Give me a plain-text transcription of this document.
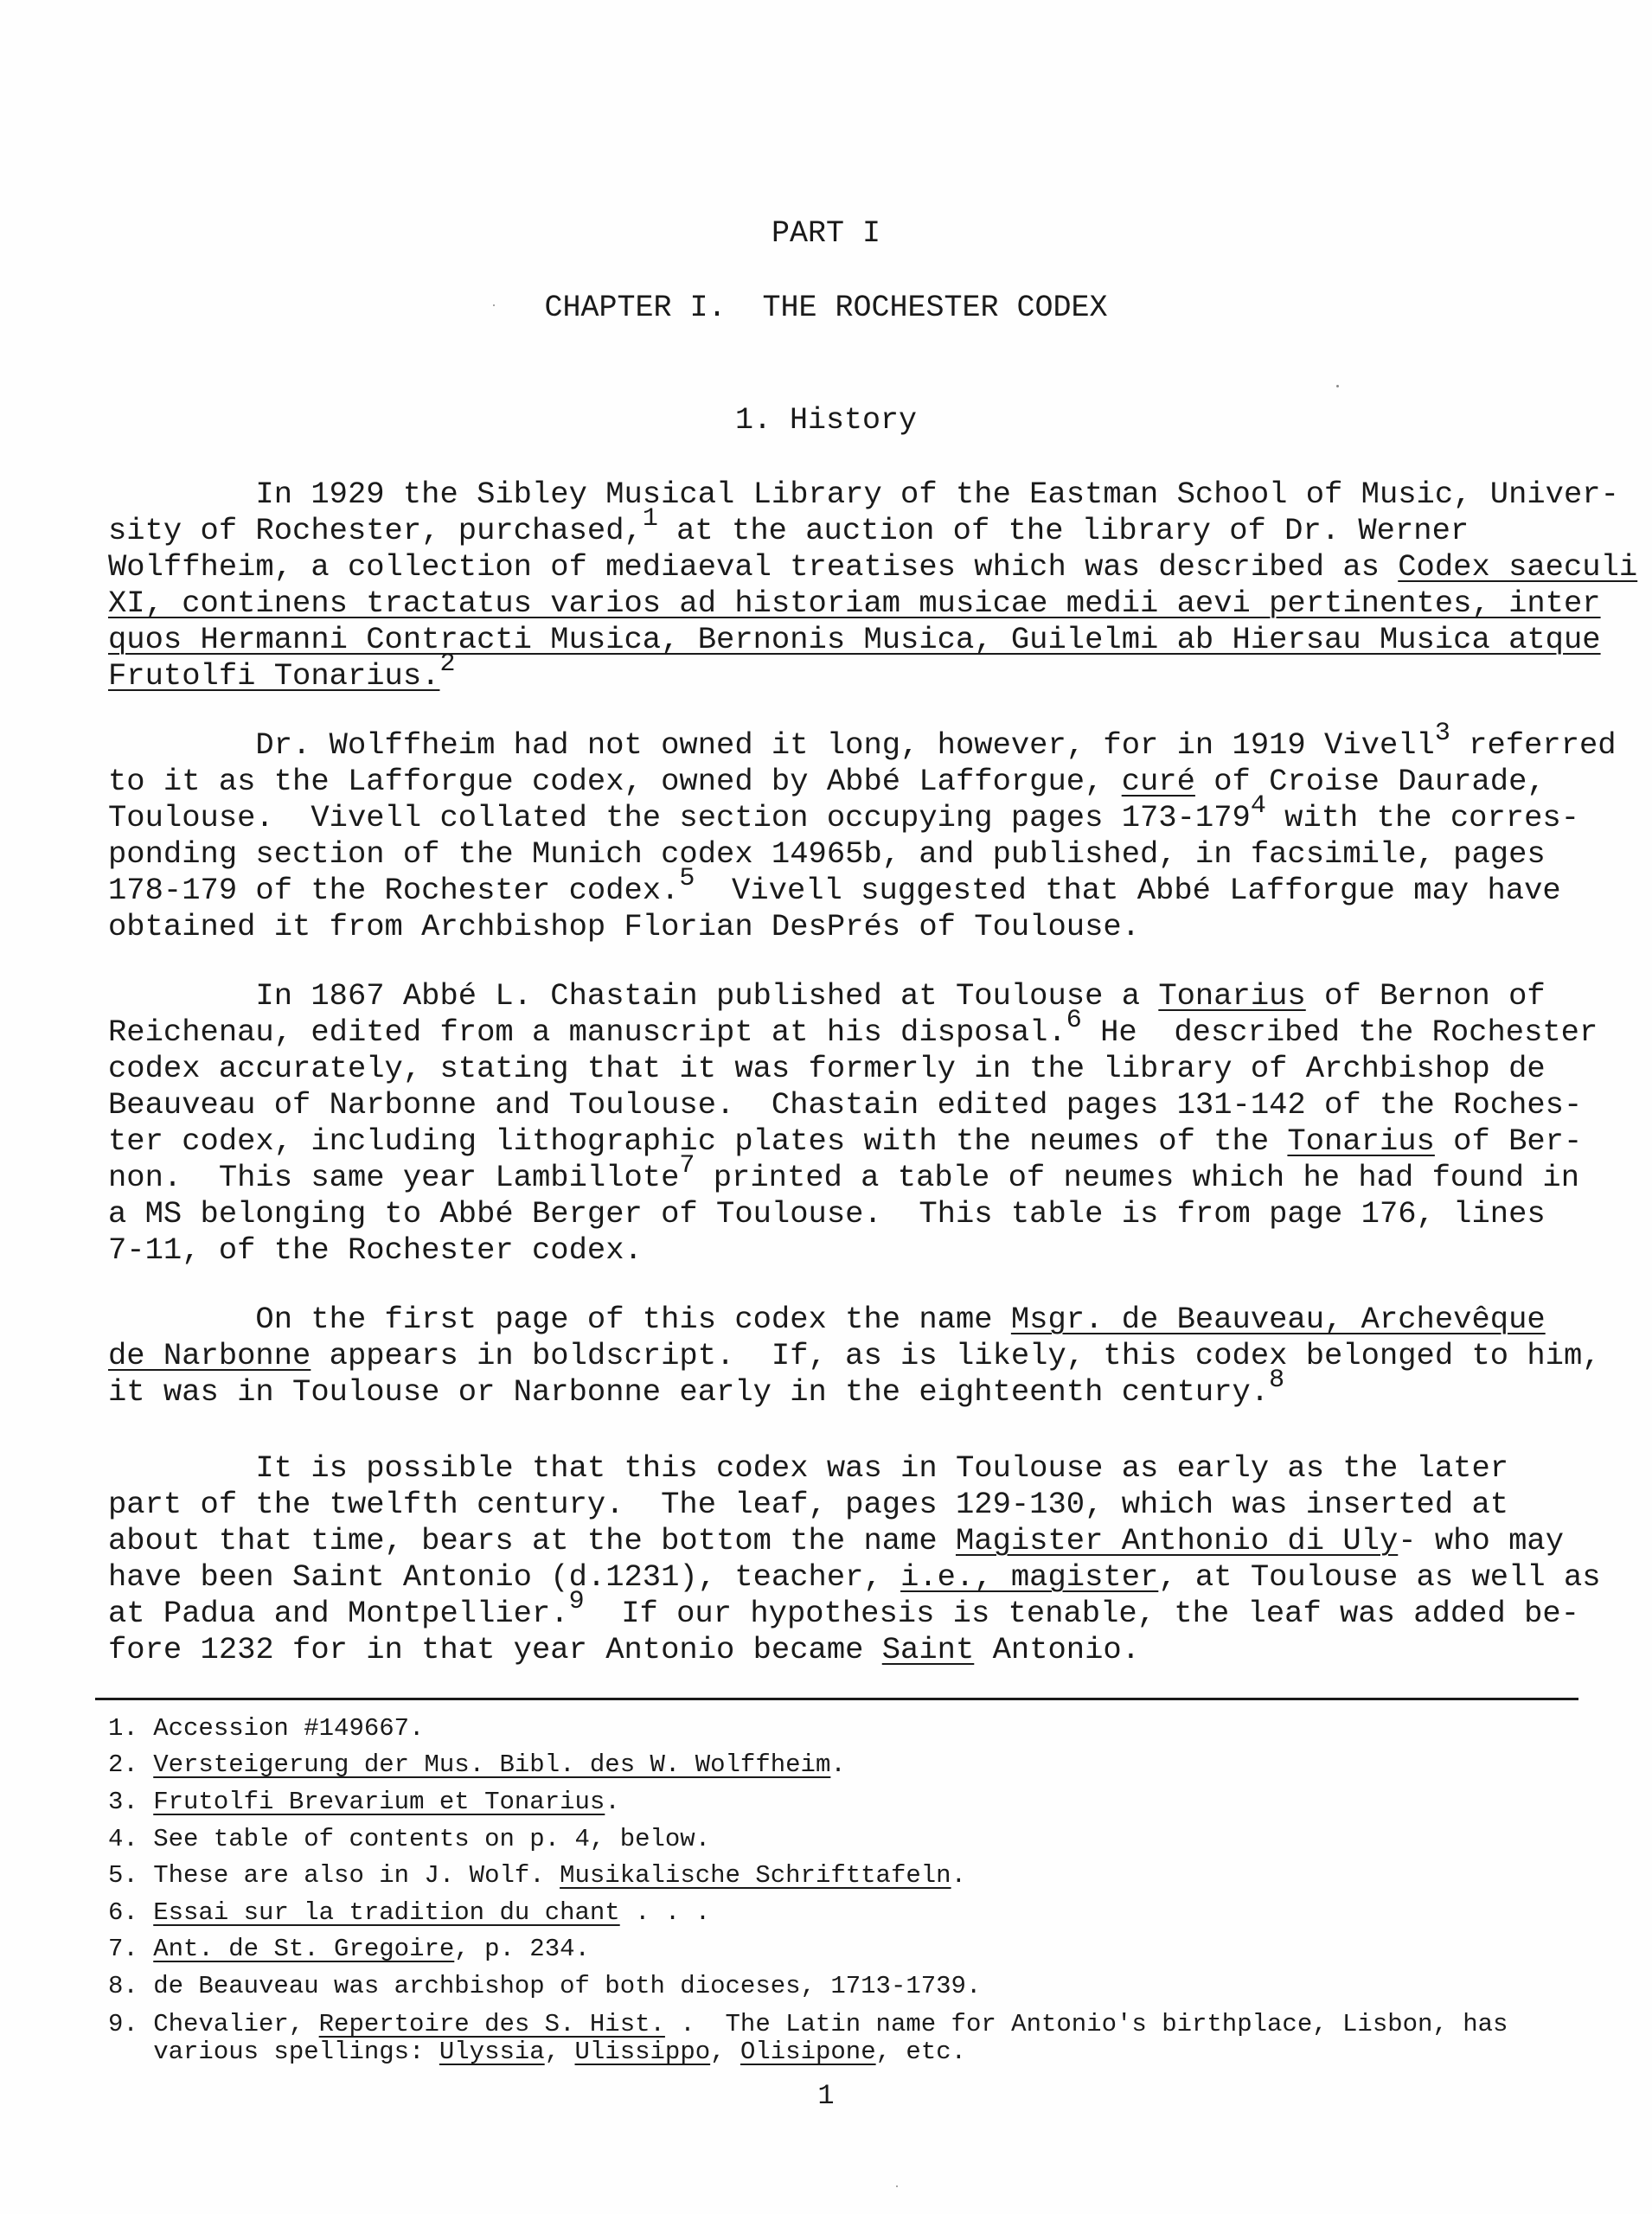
PART I
CHAPTER I.  THE ROCHESTER CODEX
1. History
In 1929 the Sibley Musical Library of the Eastman School of Music, Univer-
sity of Rochester, purchased,$^1$ at the auction of the library of Dr. Werner
Wolffheim, a collection of mediaeval treatises which was described as Codex saeculi
XI, continens tractatus varios ad historiam musicae medii aevi pertinentes, inter
quos Hermanni Contracti Musica, Bernonis Musica, Guilelmi ab Hiersau Musica atque
Frutolfi Tonarius.$^2$
Dr. Wolffheim had not owned it long, however, for in 1919 Vivell$^3$ referred
to it as the Lafforgue codex, owned by Abbé Lafforgue, curé of Croise Daurade,
Toulouse.  Vivell collated the section occupying pages $173-179^4$ with the corres-
ponding section of the Munich codex 14965b, and published, in facsimile, pages
178-179 of the Rochester codex.$^5$  Vivell suggested that Abbé Lafforgue may have
obtained it from Archbishop Florian DesPrés of Toulouse.
In 1867 Abbé L. Chastain published at Toulouse a Tonarius of Bernon of
Reichenau, edited from a manuscript at his disposal.$^6$ He  described the Rochester
codex accurately, stating that it was formerly in the library of Archbishop de
Beauveau of Narbonne and Toulouse.  Chastain edited pages 131-142 of the Roches-
ter codex, including lithographic plates with the neumes of the Tonarius of Ber-
non.  This same year Lambillote$^7$ printed a table of neumes which he had found in
a MS belonging to Abbé Berger of Toulouse.  This table is from page 176, lines
7-11, of the Rochester codex.
On the first page of this codex the name Msgr. de Beauveau, Archevêque
de Narbonne appears in boldscript.  If, as is likely, this codex belonged to him,
it was in Toulouse or Narbonne early in the eighteenth century.$^8$
It is possible that this codex was in Toulouse as early as the later
part of the twelfth century.  The leaf, pages 129-130, which was inserted at
about that time, bears at the bottom the name Magister Anthonio di Uly- who may
have been Saint Antonio (d.1231), teacher, i.e., magister, at Toulouse as well as
at Padua and Montpellier.$^9$  If our hypothesis is tenable, the leaf was added be-
fore 1232 for in that year Antonio became Saint Antonio.
1. Accession #149667.
2. Versteigerung der Mus. Bibl. des W. Wolffheim.
3. Frutolfi Brevarium et Tonarius.
4. See table of contents on p. 4, below.
5. These are also in J. Wolf. Musikalische Schrifttafeln.
6. Essai sur la tradition du chant . . .
7. Ant. de St. Gregoire, p. 234.
8. de Beauveau was archbishop of both dioceses, 1713-1739.
9. Chevalier, Repertoire des S. Hist. .  The Latin name for Antonio's birthplace, Lisbon, has
various spellings: Ulyssia, Ulissippo, Olisipone, etc.
1
